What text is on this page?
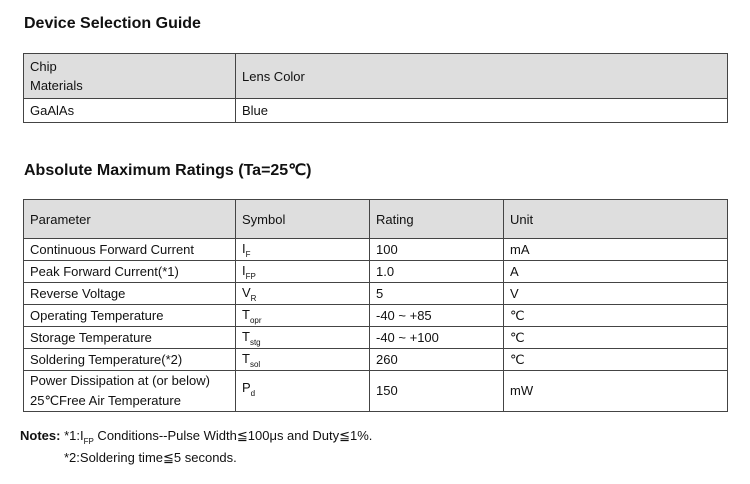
Device Selection Guide
Chip
Materials	Lens Color
GaAlAs	Blue
Absolute Maximum Ratings (Ta=25℃)
Parameter	Symbol	Rating	Unit
Continuous Forward Current	$I_F$	100	mA
Peak Forward Current(*1)	$I_{FP}$	1.0	A
Reverse Voltage	$V_R$	5	V
Operating Temperature	$T_{opr}$	-40 ~ +85	℃
Storage Temperature	$T_{stg}$	-40 ~ +100	℃
Soldering Temperature(*2)	$T_{sol}$	260	℃

Power Dissipation at (or below)
25℃Free Air Temperature	$P_d$	150	mW
Notes: $*1:I_{FP}$ Conditions--Pulse Width≦100μs and Duty≦1%.
*2:Soldering time≦5 seconds.
